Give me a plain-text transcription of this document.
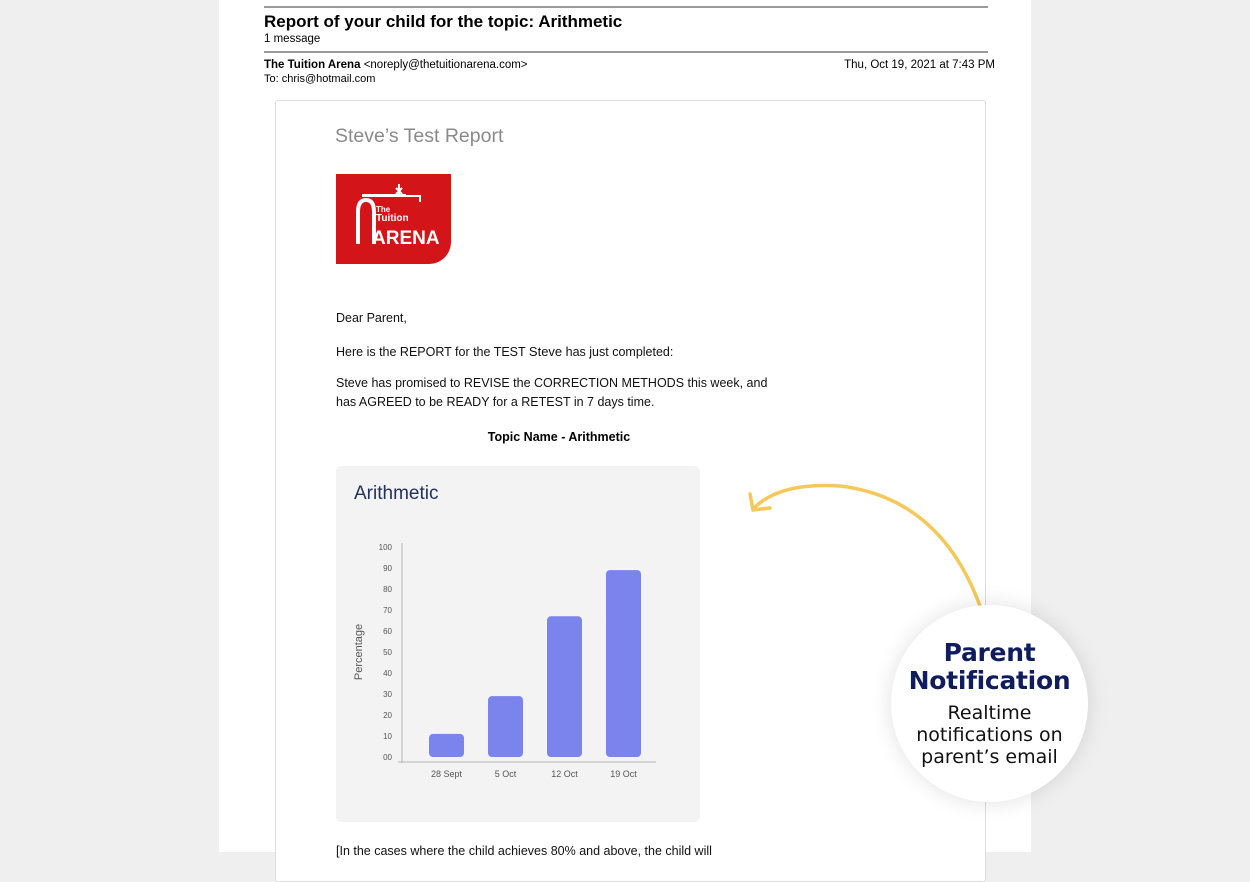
Report of your child for the topic: Arithmetic
1 message
The Tuition Arena <noreply@thetuitionarena.com>
To: chris@hotmail.com
Thu, Oct 19, 2021 at 7:43 PM
Steve’s Test Report
The
Tuition
ARENA
Dear Parent,
Here is the REPORT for the TEST Steve has just completed:
Steve has promised to REVISE the CORRECTION METHODS this week, and
has AGREED to be READY for a RETEST in 7 days time.
Topic Name - Arithmetic
Arithmetic
00
10
20
30
40
50
60
70
80
90
100
Percentage
28 Sept	5 Oct	12 Oct	19 Oct
[In the cases where the child achieves 80% and above, the child will
Parent
Notification
Realtime
notifications on
parent’s email
